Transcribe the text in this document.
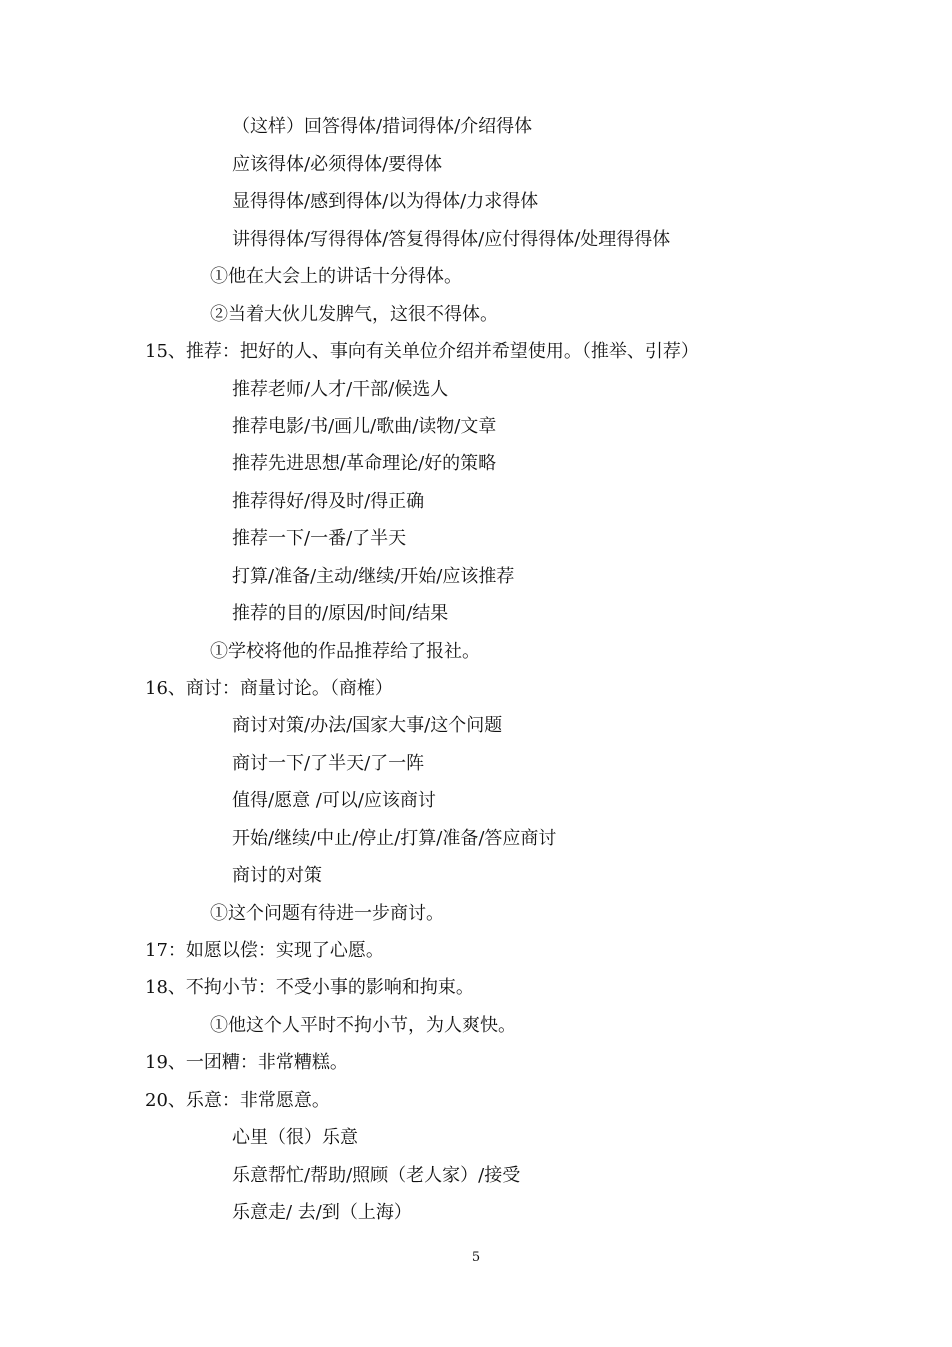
（这样）回答得体/措词得体/介绍得体
应该得体/必须得体/要得体
显得得体/感到得体/以为得体/力求得体
讲得得体/写得得体/答复得得体/应付得得体/处理得得体
①他在大会上的讲话十分得体。
②当着大伙儿发脾气，这很不得体。
15、推荐：把好的人、事向有关单位介绍并希望使用。（推举、引荐）
推荐老师/人才/干部/候选人
推荐电影/书/画儿/歌曲/读物/文章
推荐先进思想/革命理论/好的策略
推荐得好/得及时/得正确
推荐一下/一番/了半天
打算/准备/主动/继续/开始/应该推荐
推荐的目的/原因/时间/结果
①学校将他的作品推荐给了报社。
16、商讨：商量讨论。（商榷）
商讨对策/办法/国家大事/这个问题
商讨一下/了半天/了一阵
值得/愿意 /可以/应该商讨
开始/继续/中止/停止/打算/准备/答应商讨
商讨的对策
①这个问题有待进一步商讨。
17：如愿以偿：实现了心愿。
18、不拘小节：不受小事的影响和拘束。
①他这个人平时不拘小节，为人爽快。
19、一团糟：非常糟糕。
20、乐意：非常愿意。
心里（很）乐意
乐意帮忙/帮助/照顾（老人家）/接受
乐意走/ 去/到（上海）
5
